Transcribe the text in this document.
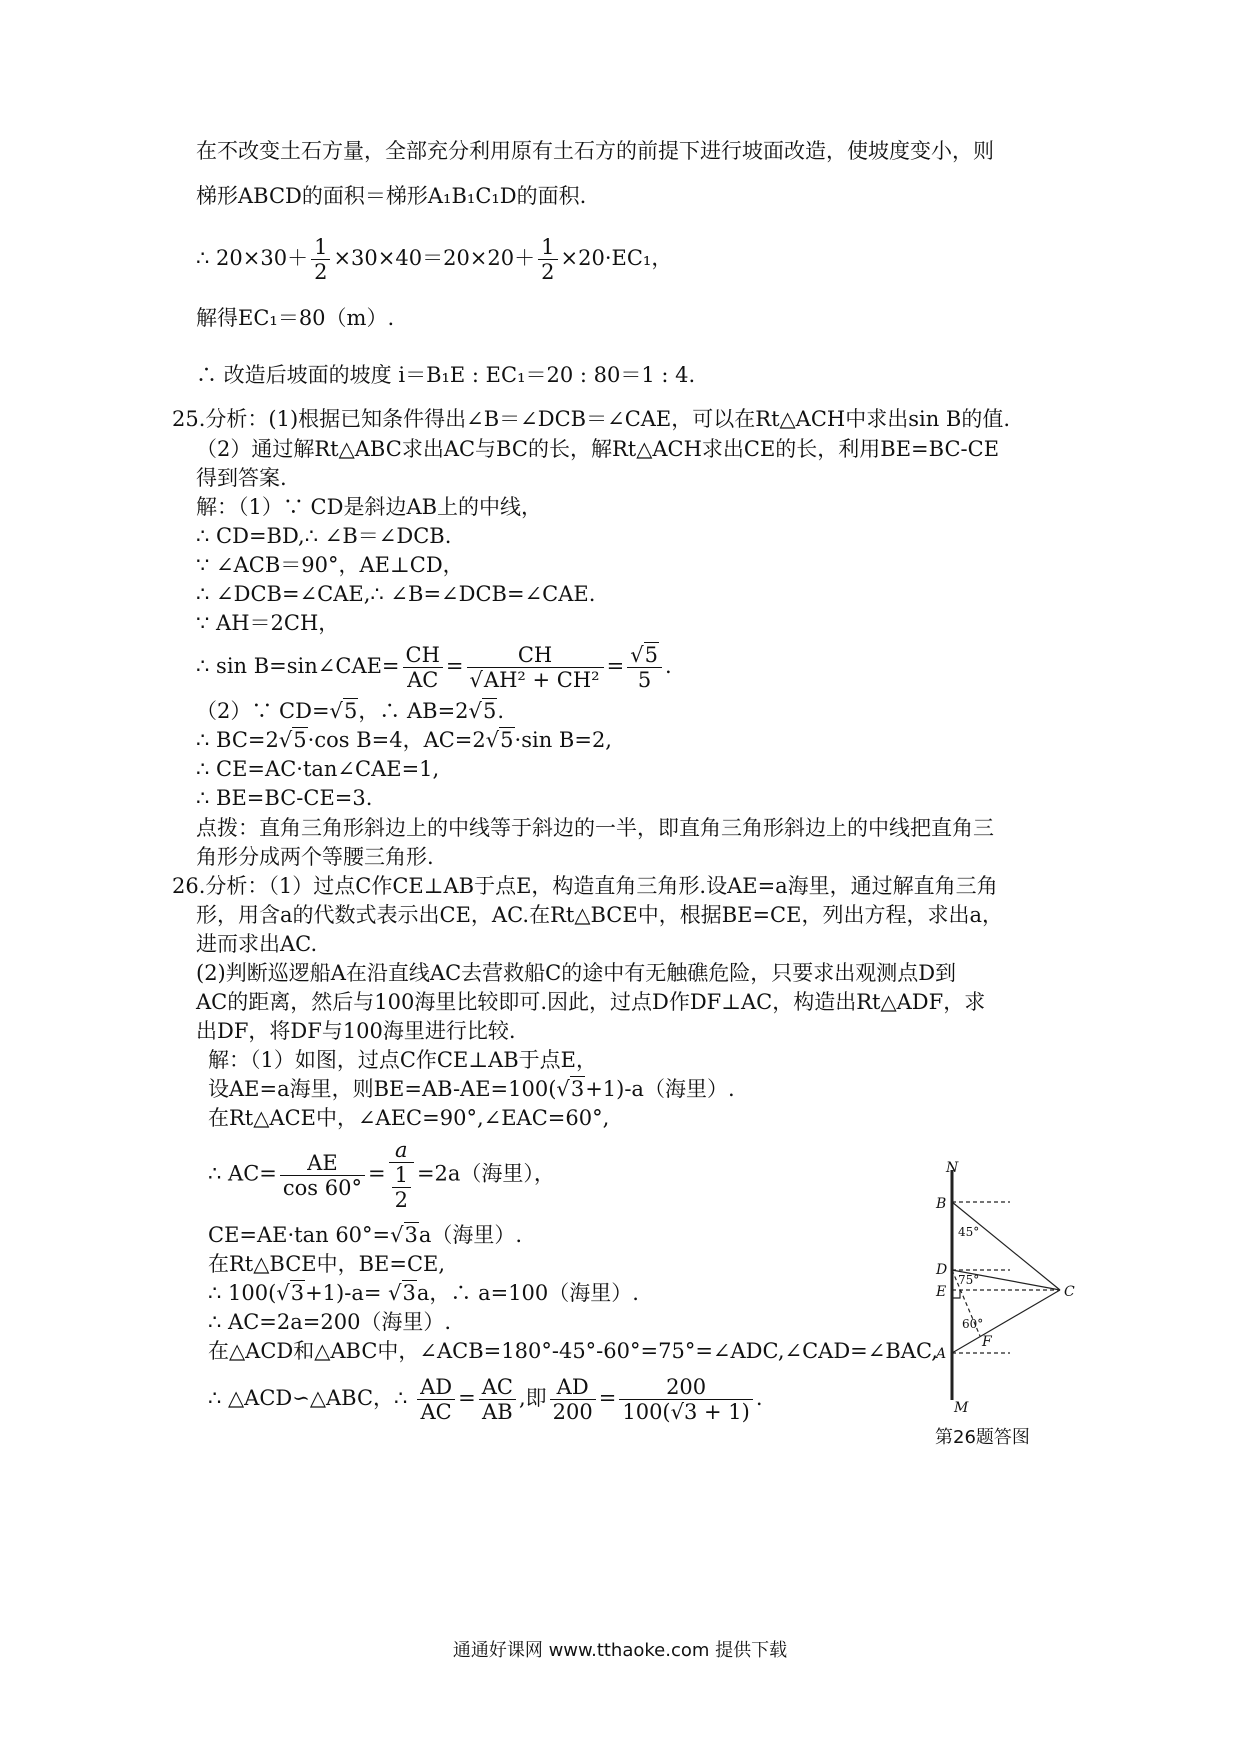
在不改变土石方量，全部充分利用原有土石方的前提下进行坡面改造，使坡度变小，则
梯形ABCD的面积＝梯形A₁B₁C₁D的面积.
∴ $20\times 30+ \frac{1}{2} \times 30\times 40=20\times 20+ \frac{1}{2} \times 20\cdot EC_1$，
解得EC₁＝80（m）.
∴ 改造后坡面的坡度 i＝B₁E : EC₁＝20 : 80＝1 : 4.
25.分析：(1)根据已知条件得出∠B＝∠DCB＝∠CAE，可以在Rt△ACH中求出sin B的值.
（2）通过解Rt△ABC求出AC与BC的长，解Rt△ACH求出CE的长，利用BE=BC-CE
得到答案.
解：（1）∵ CD是斜边AB上的中线，
∴ CD=BD,∴ ∠B＝∠DCB.
∵ ∠ACB＝90°，AE⊥CD，
∴ ∠DCB=∠CAE,∴ ∠B=∠DCB=∠CAE.
∵ AH＝2CH，
∴ sin B=sin∠CAE= $\frac{CH}{AC} = \frac{CH}{\text{√AH² + CH²}} = \frac{√5}{5}$ .
（2）∵ CD=√5，∴ AB=2√5.
∴ BC=2√5·cos B=4，AC=2√5·sin B=2,
∴ CE=AC·tan∠CAE=1,
∴ BE=BC-CE=3.
点拨：直角三角形斜边上的中线等于斜边的一半，即直角三角形斜边上的中线把直角三
角形分成两个等腰三角形.
26.分析：（1）过点C作CE⊥AB于点E，构造直角三角形.设AE=a海里，通过解直角三角
形，用含a的代数式表示出CE，AC.在Rt△BCE中，根据BE=CE，列出方程，求出a，
进而求出AC.
(2)判断巡逻船A在沿直线AC去营救船C的途中有无触礁危险，只要求出观测点D到
AC的距离，然后与100海里比较即可.因此，过点D作DF⊥AC，构造出Rt△ADF，求
出DF，将DF与100海里进行比较.
解：（1）如图，过点C作CE⊥AB于点E，
设AE=a海里，则BE=AB-AE=100(√3+1)-a（海里）.
在Rt△ACE中，∠AEC=90°,∠EAC=60°,
∴ $AC= \frac{AE}{\cos 60^\circ} = \frac{a}{\frac{1}{2}} =2a$（海里），
CE=AE·tan 60°=√3a（海里）.
在Rt△BCE中，BE=CE,
∴ 100(√3+1)-a= √3a，∴ a=100（海里）.
∴ AC=2a=200（海里）.
在△ACD和△ABC中，∠ACB=180°-45°-60°=75°=∠ADC,∠CAD=∠BAC,
∴ △ACD∽△ABC，∴ $\frac{AD}{AC} = \frac{AC}{AB}$ ,即 $\frac{AD}{200} = \frac{200}{100(√3 + 1)}$ .
N
B
45°
D
75°
E	C
60°
F
A
M
第26题答图
通通好课网 www.tthaoke.com 提供下载
